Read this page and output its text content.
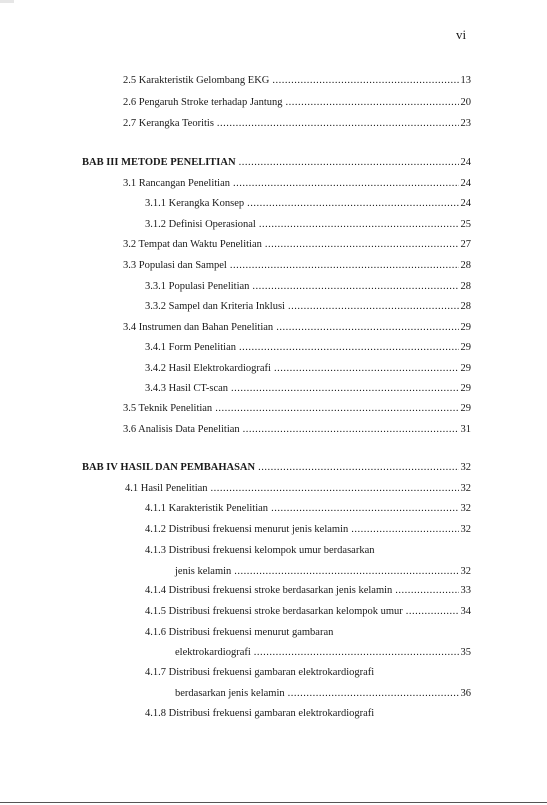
vi
2.5 Karakteristik Gelombang EKG .....	13
2.6 Pengaruh Stroke terhadap Jantung .....	20
2.7 Kerangka Teoritis .....	23
BAB III METODE PENELITIAN .....	24
3.1 Rancangan Penelitian .....	24
3.1.1 Kerangka Konsep .....	24
3.1.2 Definisi Operasional .....	25
3.2 Tempat dan Waktu Penelitian .....	27
3.3 Populasi dan Sampel .....	28
3.3.1 Populasi Penelitian .....	28
3.3.2 Sampel dan Kriteria Inklusi .....	28
3.4 Instrumen dan Bahan Penelitian .....	29
3.4.1 Form Penelitian .....	29
3.4.2 Hasil Elektrokardiografi .....	29
3.4.3 Hasil CT-scan .....	29
3.5 Teknik Penelitian .....	29
3.6 Analisis Data Penelitian .....	31
BAB IV HASIL DAN PEMBAHASAN .....	32
4.1 Hasil Penelitian .....	32
4.1.1 Karakteristik Penelitian .....	32
4.1.2 Distribusi frekuensi menurut jenis kelamin .....	32
4.1.3 Distribusi frekuensi kelompok umur berdasarkan
jenis kelamin .....	32
4.1.4 Distribusi frekuensi stroke berdasarkan jenis kelamin .....	33
4.1.5 Distribusi frekuensi stroke berdasarkan kelompok umur .....	34
4.1.6 Distribusi frekuensi menurut gambaran
elektrokardiografi .....	35
4.1.7 Distribusi frekuensi gambaran elektrokardiografi
berdasarkan jenis kelamin .....	36
4.1.8 Distribusi frekuensi gambaran elektrokardiografi
